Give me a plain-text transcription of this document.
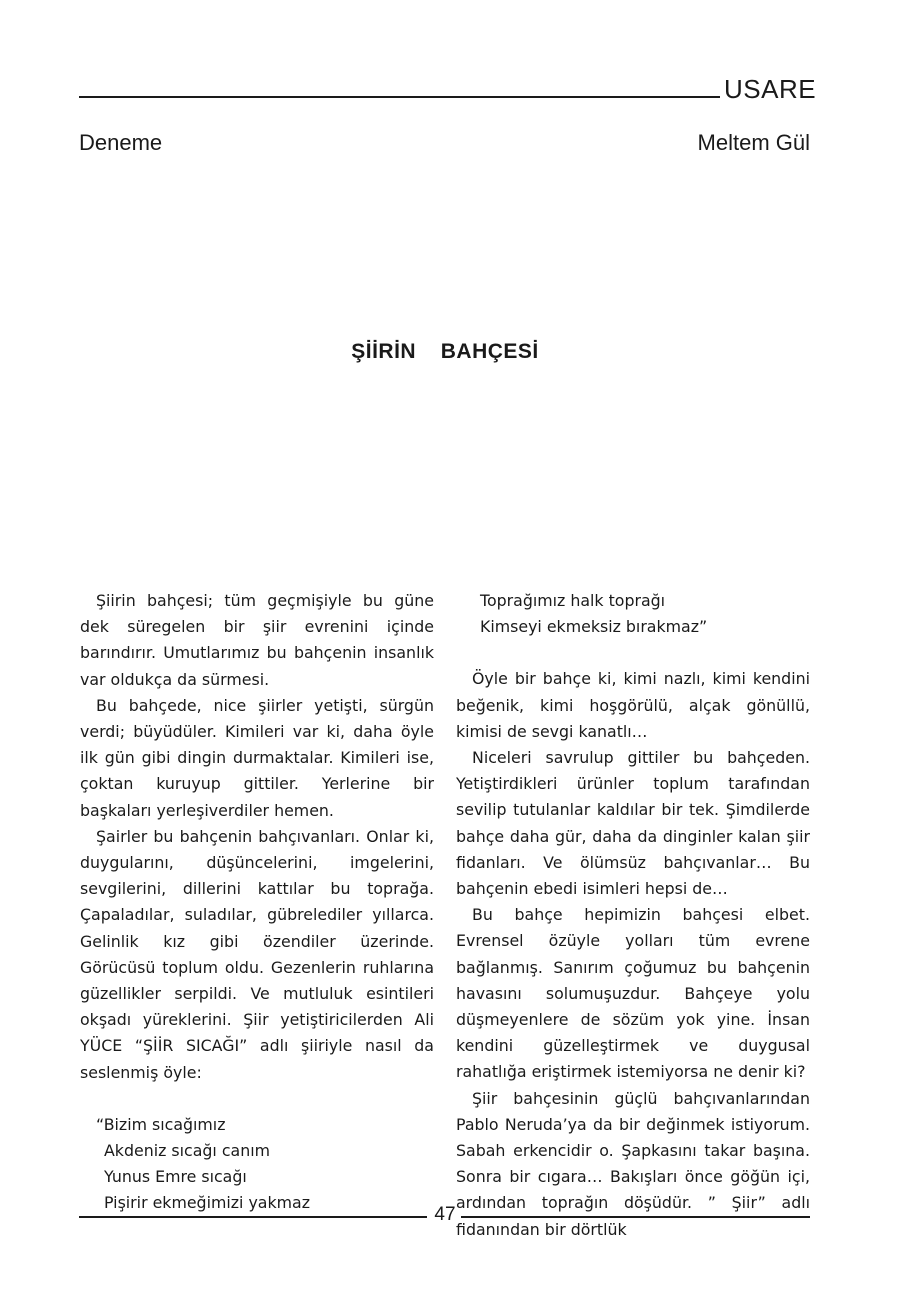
USARE
Deneme	Meltem Gül
ŞİİRİN  BAHÇESİ

Şiirin bahçesi; tüm geçmişiyle bu güne dek süregelen bir şiir evrenini içinde barındırır. Umutlarımız bu bahçenin insanlık var oldukça da sürmesi.

Bu bahçede, nice şiirler yetişti, sürgün verdi; büyüdüler. Kimileri var ki, daha öyle ilk gün gibi dingin durmaktalar. Kimileri ise, çoktan kuruyup gittiler. Yerlerine bir başkaları yerleşiverdiler hemen.

Şairler bu bahçenin bahçıvanları. Onlar ki, duygularını, düşüncelerini, imgelerini, sevgilerini, dillerini kattılar bu toprağa. Çapaladılar, suladılar, gübrelediler yıllarca. Gelinlik kız gibi özendiler üzerinde. Görücüsü toplum oldu. Gezenlerin ruhlarına güzellikler serpildi. Ve mutluluk esintileri okşadı yüreklerini. Şiir yetiştiricilerden Ali YÜCE “ŞİİR SICAĞI” adlı şiiriyle nasıl da seslenmiş öyle:

“Bizim sıcağımız
Akdeniz sıcağı canım
Yunus Emre sıcağı
Pişirir ekmeğimizi yakmaz
Toprağımız halk toprağı
Kimseyi ekmeksiz bırakmaz”

Öyle bir bahçe ki, kimi nazlı, kimi kendini beğenik, kimi hoşgörülü, alçak gönüllü, kimisi de sevgi kanatlı…

Niceleri savrulup gittiler bu bahçeden. Yetiştirdikleri ürünler toplum tarafından sevilip tutulanlar kaldılar bir tek. Şimdilerde bahçe daha gür, daha da dinginler kalan şiir fidanları. Ve ölümsüz bahçıvanlar… Bu bahçenin ebedi isimleri hepsi de…

Bu bahçe hepimizin bahçesi elbet. Evrensel özüyle yolları tüm evrene bağlanmış. Sanırım çoğumuz bu bahçenin havasını solumuşuzdur. Bahçeye yolu düşmeyenlere de sözüm yok yine. İnsan kendini güzelleştirmek ve duygusal rahatlığa eriştirmek istemiyorsa ne denir ki?

Şiir bahçesinin güçlü bahçıvanlarından Pablo Neruda’ya da bir değinmek istiyorum. Sabah erkencidir o. Şapkasını takar başına. Sonra bir cıgara… Bakışları önce göğün içi, ardından toprağın döşüdür. ” Şiir” adlı fidanından bir dörtlük

47
